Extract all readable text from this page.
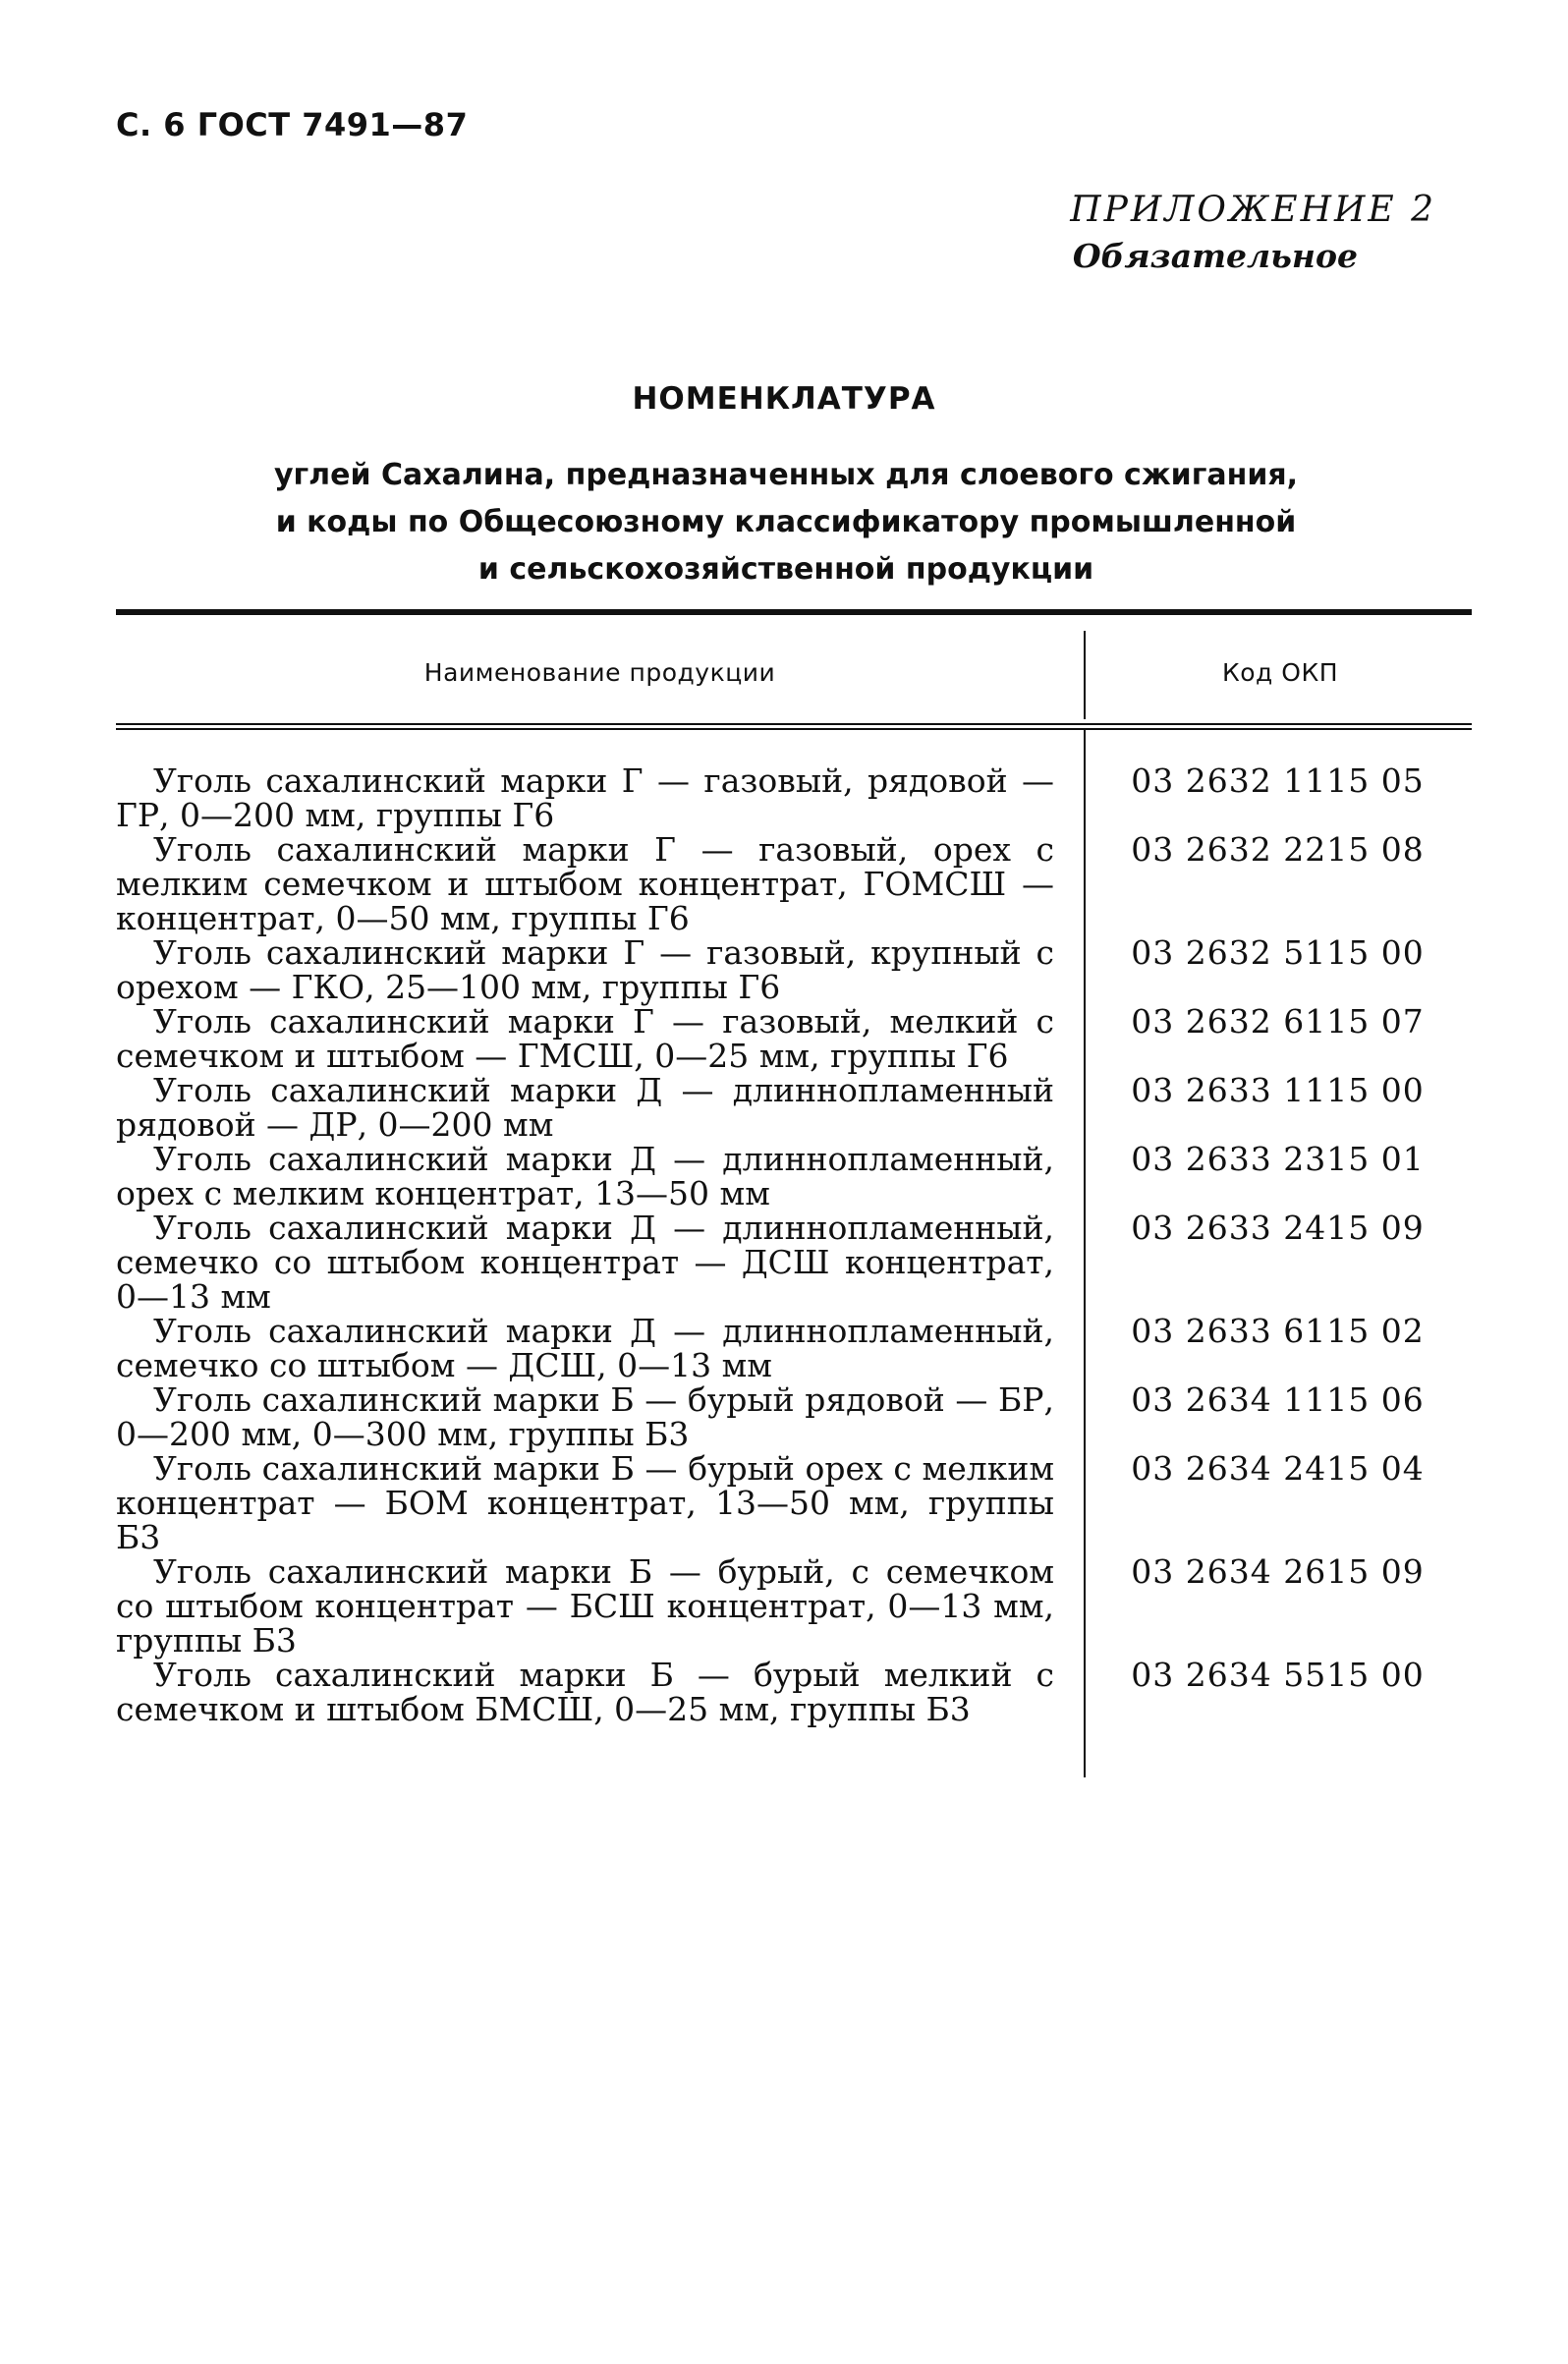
С. 6 ГОСТ 7491—87
ПРИЛОЖЕНИЕ 2
Обязательное
НОМЕНКЛАТУРА
углей Сахалина, предназначенных для слоевого сжигания,
и коды по Общесоюзному классификатору промышленной
и сельскохозяйственной продукции
Наименование продукции	Код ОКП
Уголь сахалинский марки Г — газовый, рядовой — ГР, 0—200 мм, группы Г6
03 2632 1115 05
Уголь сахалинский марки Г — газовый, орех с мелким семечком и штыбом концентрат, ГОМСШ — концентрат, 0—50 мм, группы Г6
03 2632 2215 08
Уголь сахалинский марки Г — газовый, крупный с орехом — ГКО, 25—100 мм, группы Г6
03 2632 5115 00
Уголь сахалинский марки Г — газовый, мелкий с семечком и штыбом — ГМСШ, 0—25 мм, группы Г6
03 2632 6115 07
Уголь сахалинский марки Д — длиннопламенный рядовой — ДР, 0—200 мм
03 2633 1115 00
Уголь сахалинский марки Д — длиннопламенный, орех с мелким концентрат, 13—50 мм
03 2633 2315 01
Уголь сахалинский марки Д — длиннопламенный, семечко со штыбом концентрат — ДСШ концентрат, 0—13 мм
03 2633 2415 09
Уголь сахалинский марки Д — длиннопламенный, семечко со штыбом — ДСШ, 0—13 мм
03 2633 6115 02
Уголь сахалинский марки Б — бурый рядовой — БР, 0—200 мм, 0—300 мм, группы Б3
03 2634 1115 06
Уголь сахалинский марки Б — бурый орех с мелким концентрат — БОМ концентрат, 13—50 мм, группы Б3
03 2634 2415 04
Уголь сахалинский марки Б — бурый, с семечком со штыбом концентрат — БСШ концентрат, 0—13 мм, группы Б3
03 2634 2615 09
Уголь сахалинский марки Б — бурый мелкий с семечком и штыбом БМСШ, 0—25 мм, группы Б3
03 2634 5515 00
